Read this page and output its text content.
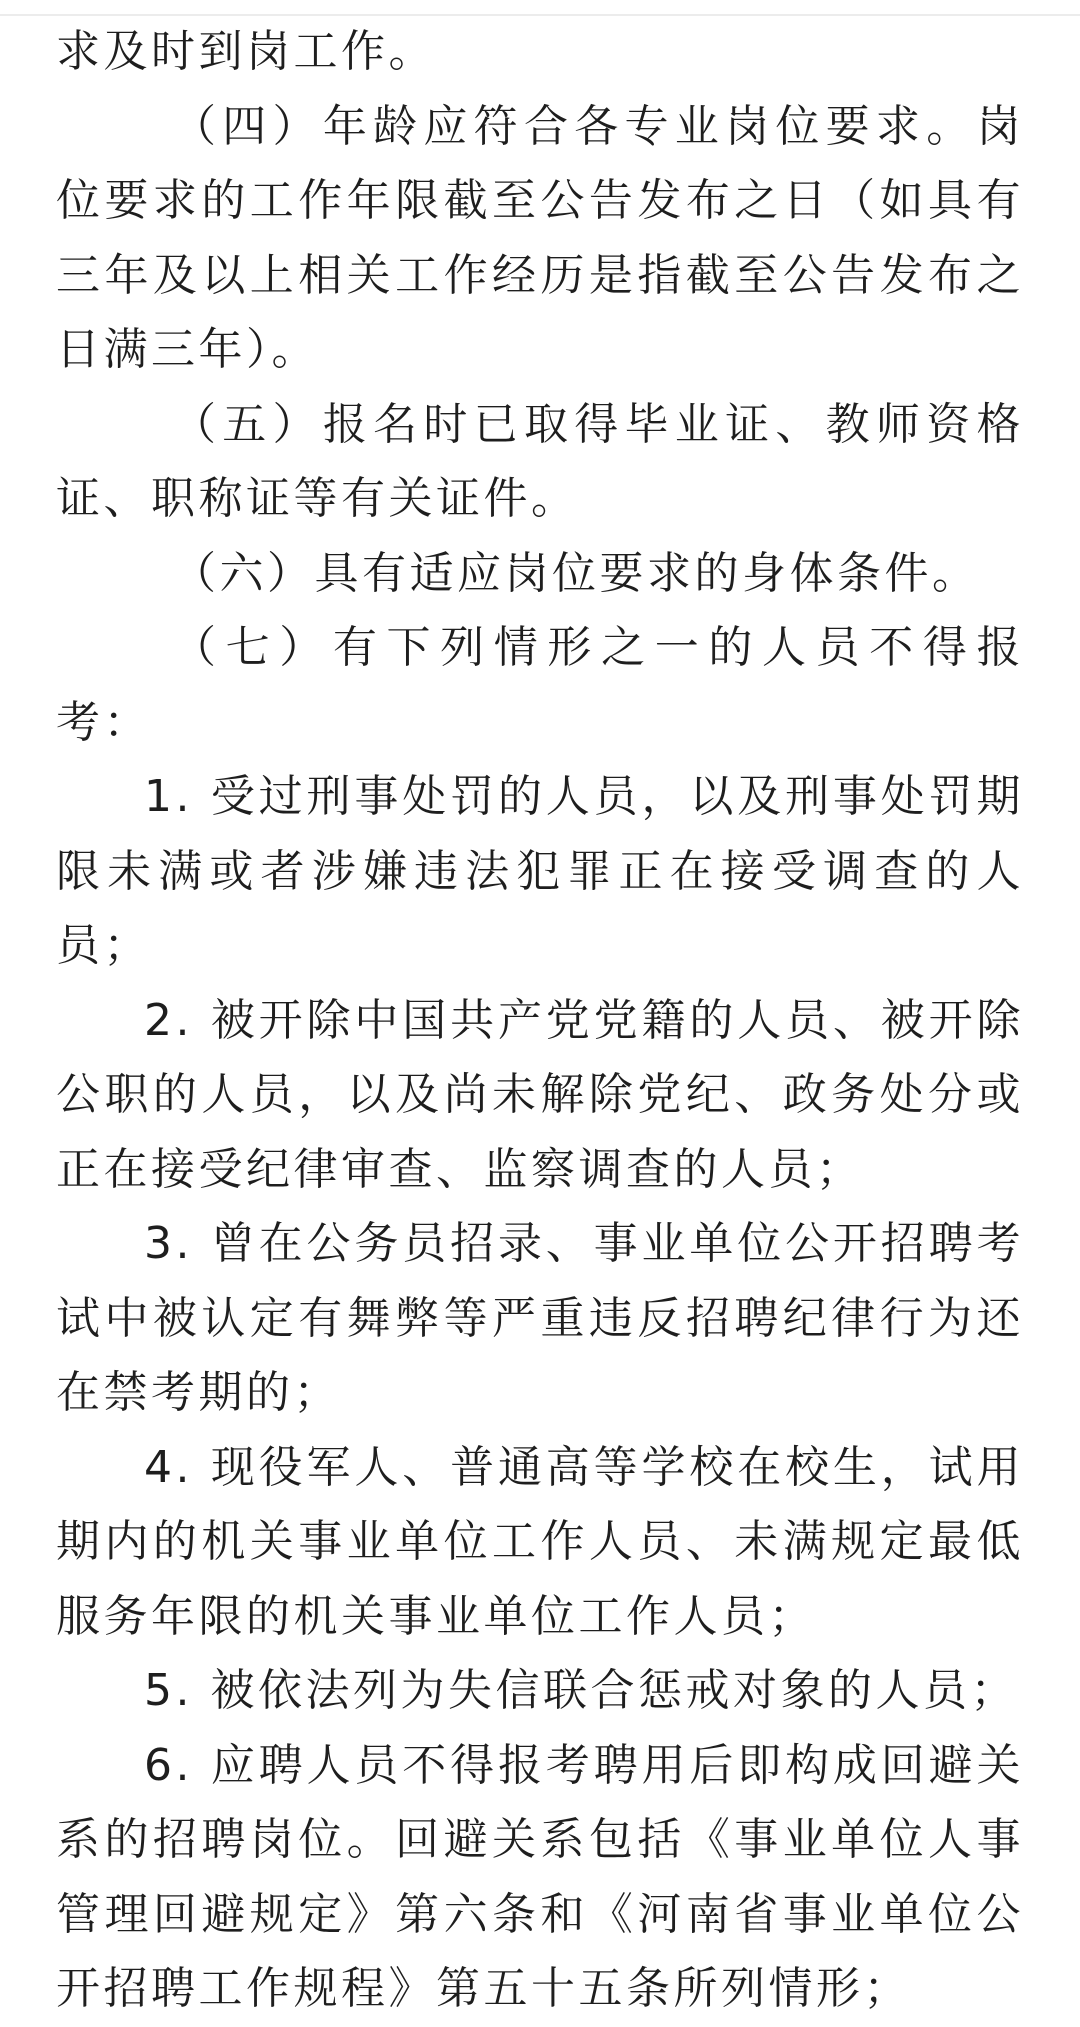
求及时到岗工作。

（四）年龄应符合各专业岗位要求。岗位要求的工作年限截至公告发布之日（如具有三年及以上相关工作经历是指截至公告发布之日满三年）。

（五）报名时已取得毕业证、教师资格证、职称证等有关证件。

（六）具有适应岗位要求的身体条件。

（七）有下列情形之一的人员不得报考：

1. 受过刑事处罚的人员，以及刑事处罚期限未满或者涉嫌违法犯罪正在接受调查的人员；

2. 被开除中国共产党党籍的人员、被开除公职的人员，以及尚未解除党纪、政务处分或正在接受纪律审查、监察调查的人员；

3. 曾在公务员招录、事业单位公开招聘考试中被认定有舞弊等严重违反招聘纪律行为还在禁考期的；

4. 现役军人、普通高等学校在校生，试用期内的机关事业单位工作人员、未满规定最低服务年限的机关事业单位工作人员；

5. 被依法列为失信联合惩戒对象的人员；

6. 应聘人员不得报考聘用后即构成回避关系的招聘岗位。回避关系包括《事业单位人事管理回避规定》第六条和《河南省事业单位公开招聘工作规程》第五十五条所列情形；
